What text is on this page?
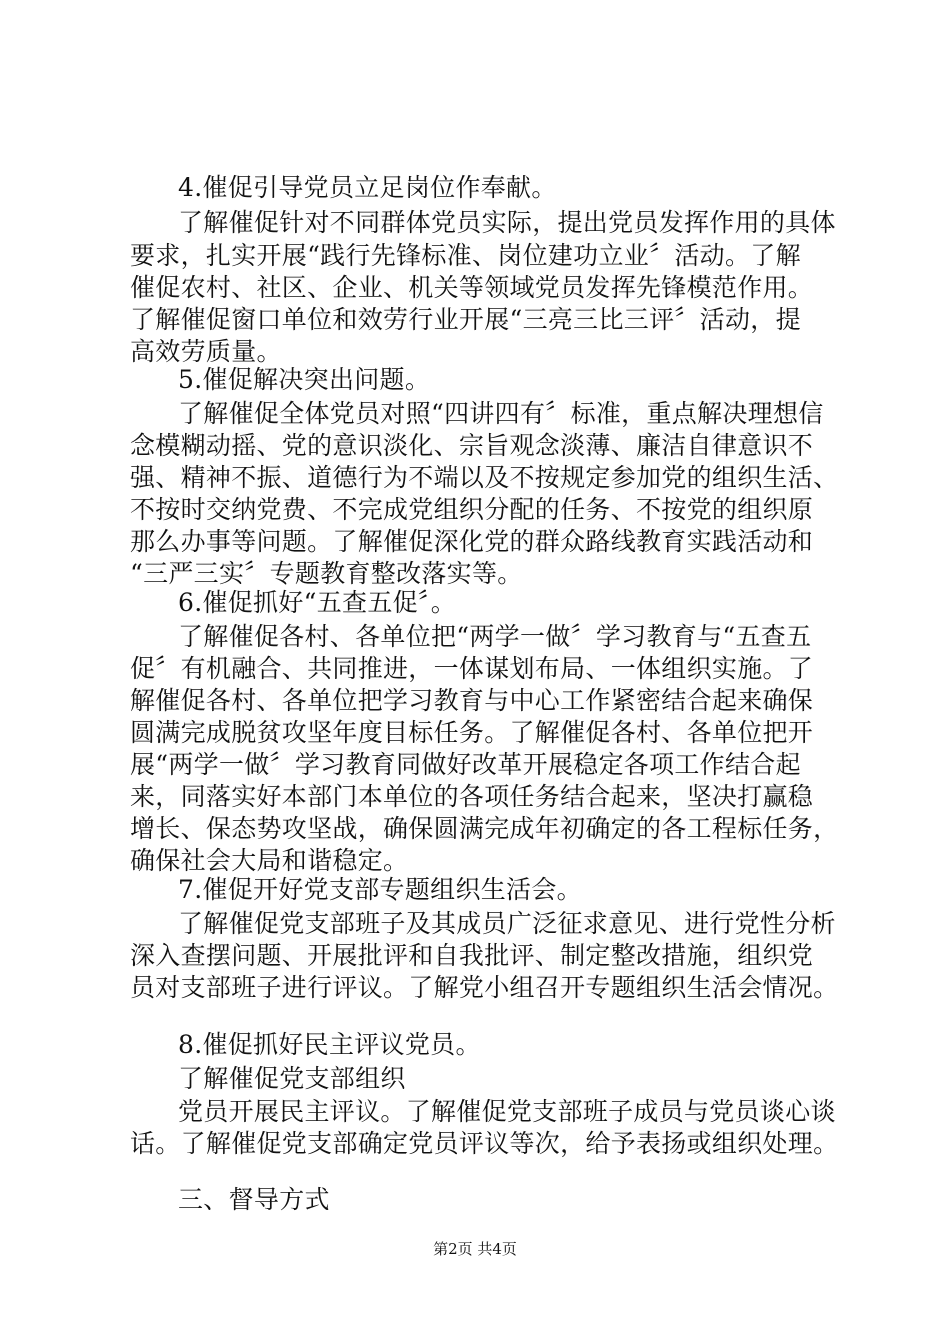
4.催促引导党员立足岗位作奉献。
了解催促针对不同群体党员实际，提出党员发挥作用的具体
要求，扎实开展“践行先锋标准、岗位建功立业〞活动。了解
催促农村、社区、企业、机关等领域党员发挥先锋模范作用。
了解催促窗口单位和效劳行业开展“三亮三比三评〞活动，提
高效劳质量。
5.催促解决突出问题。
了解催促全体党员对照“四讲四有〞标准，重点解决理想信
念模糊动摇、党的意识淡化、宗旨观念淡薄、廉洁自律意识不
强、精神不振、道德行为不端以及不按规定参加党的组织生活、
不按时交纳党费、不完成党组织分配的任务、不按党的组织原
那么办事等问题。了解催促深化党的群众路线教育实践活动和
“三严三实〞专题教育整改落实等。
6.催促抓好“五查五促〞。
了解催促各村、各单位把“两学一做〞学习教育与“五查五
促〞有机融合、共同推进，一体谋划布局、一体组织实施。了
解催促各村、各单位把学习教育与中心工作紧密结合起来确保
圆满完成脱贫攻坚年度目标任务。了解催促各村、各单位把开
展“两学一做〞学习教育同做好改革开展稳定各项工作结合起
来，同落实好本部门本单位的各项任务结合起来，坚决打赢稳
增长、保态势攻坚战，确保圆满完成年初确定的各工程标任务，
确保社会大局和谐稳定。
7.催促开好党支部专题组织生活会。
了解催促党支部班子及其成员广泛征求意见、进行党性分析
深入查摆问题、开展批评和自我批评、制定整改措施，组织党
员对支部班子进行评议。了解党小组召开专题组织生活会情况。
8.催促抓好民主评议党员。
了解催促党支部组织
党员开展民主评议。了解催促党支部班子成员与党员谈心谈
话。了解催促党支部确定党员评议等次，给予表扬或组织处理。
三、督导方式
第2页 共4页
